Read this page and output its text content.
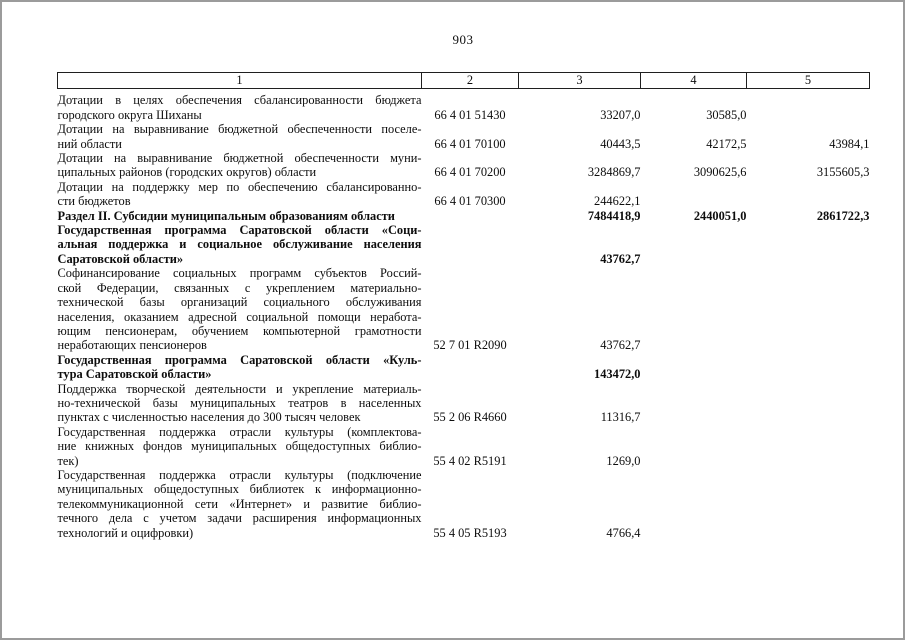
903
1	2	3	4	5

Дотации в целях обеспечения сбалансированности бюджета
городского округа Шиханы	66 4 01 51430	33207,0	30585,0	

Дотации на выравнивание бюджетной обеспеченности поселе-
ний области	66 4 01 70100	40443,5	42172,5	43984,1

Дотации на выравнивание бюджетной обеспеченности муни-
ципальных районов (городских округов) области	66 4 01 70200	3284869,7	3090625,6	3155605,3

Дотации на поддержку мер по обеспечению сбалансированно-
сти бюджетов	66 4 01 70300	244622,1		

Раздел II. Субсидии муниципальным образованиям области		7484418,9	2440051,0	2861722,3

Государственная программа Саратовской области «Соци-
альная поддержка и социальное обслуживание населения
Саратовской области»		43762,7		

Софинансирование социальных программ субъектов Россий-
ской Федерации, связанных с укреплением материально-
технической базы организаций социального обслуживания
населения, оказанием адресной социальной помощи неработа-
ющим пенсионерам, обучением компьютерной грамотности
неработающих пенсионеров	52 7 01 R2090	43762,7		

Государственная программа Саратовской области «Куль-
тура Саратовской области»		143472,0		

Поддержка творческой деятельности и укрепление материаль-
но-технической базы муниципальных театров в населенных
пунктах с численностью населения до 300 тысяч человек	55 2 06 R4660	11316,7		

Государственная поддержка отрасли культуры (комплектова-
ние книжных фондов муниципальных общедоступных библио-
тек)	55 4 02 R5191	1269,0		

Государственная поддержка отрасли культуры (подключение
муниципальных общедоступных библиотек к информационно-
телекоммуникационной сети «Интернет» и развитие библио-
течного дела с учетом задачи расширения информационных
технологий и оцифровки)	55 4 05 R5193	4766,4		
